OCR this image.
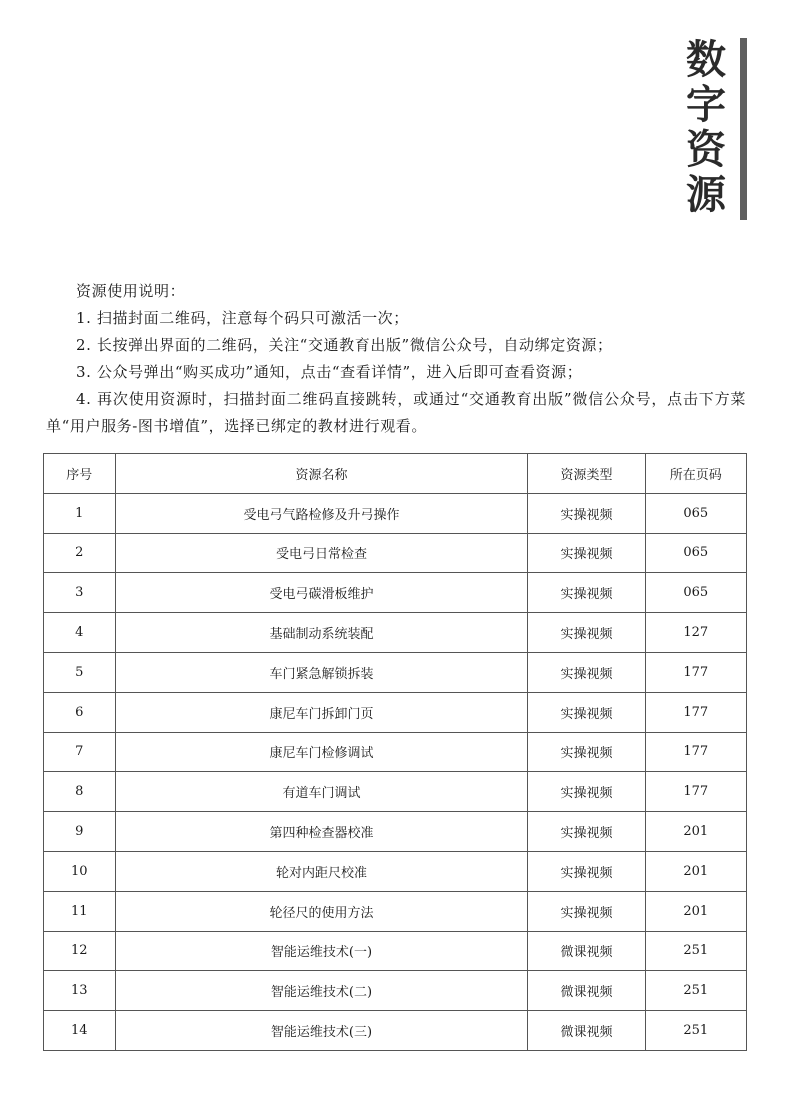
数
字
资
源

资源使用说明：

1. 扫描封面二维码，注意每个码只可激活一次；

2. 长按弹出界面的二维码，关注“交通教育出版”微信公众号，自动绑定资源；

3. 公众号弹出“购买成功”通知，点击“查看详情”，进入后即可查看资源；

4. 再次使用资源时，扫描封面二维码直接跳转，或通过“交通教育出版”微信公众号，点击下方菜单“用户服务-图书增值”，选择已绑定的教材进行观看。

序号	资源名称	资源类型	所在页码
1	受电弓气路检修及升弓操作	实操视频	065
2	受电弓日常检查	实操视频	065
3	受电弓碳滑板维护	实操视频	065
4	基础制动系统装配	实操视频	127
5	车门紧急解锁拆装	实操视频	177
6	康尼车门拆卸门页	实操视频	177
7	康尼车门检修调试	实操视频	177
8	有道车门调试	实操视频	177
9	第四种检查器校准	实操视频	201
10	轮对内距尺校准	实操视频	201
11	轮径尺的使用方法	实操视频	201
12	智能运维技术(一)	微课视频	251
13	智能运维技术(二)	微课视频	251
14	智能运维技术(三)	微课视频	251
